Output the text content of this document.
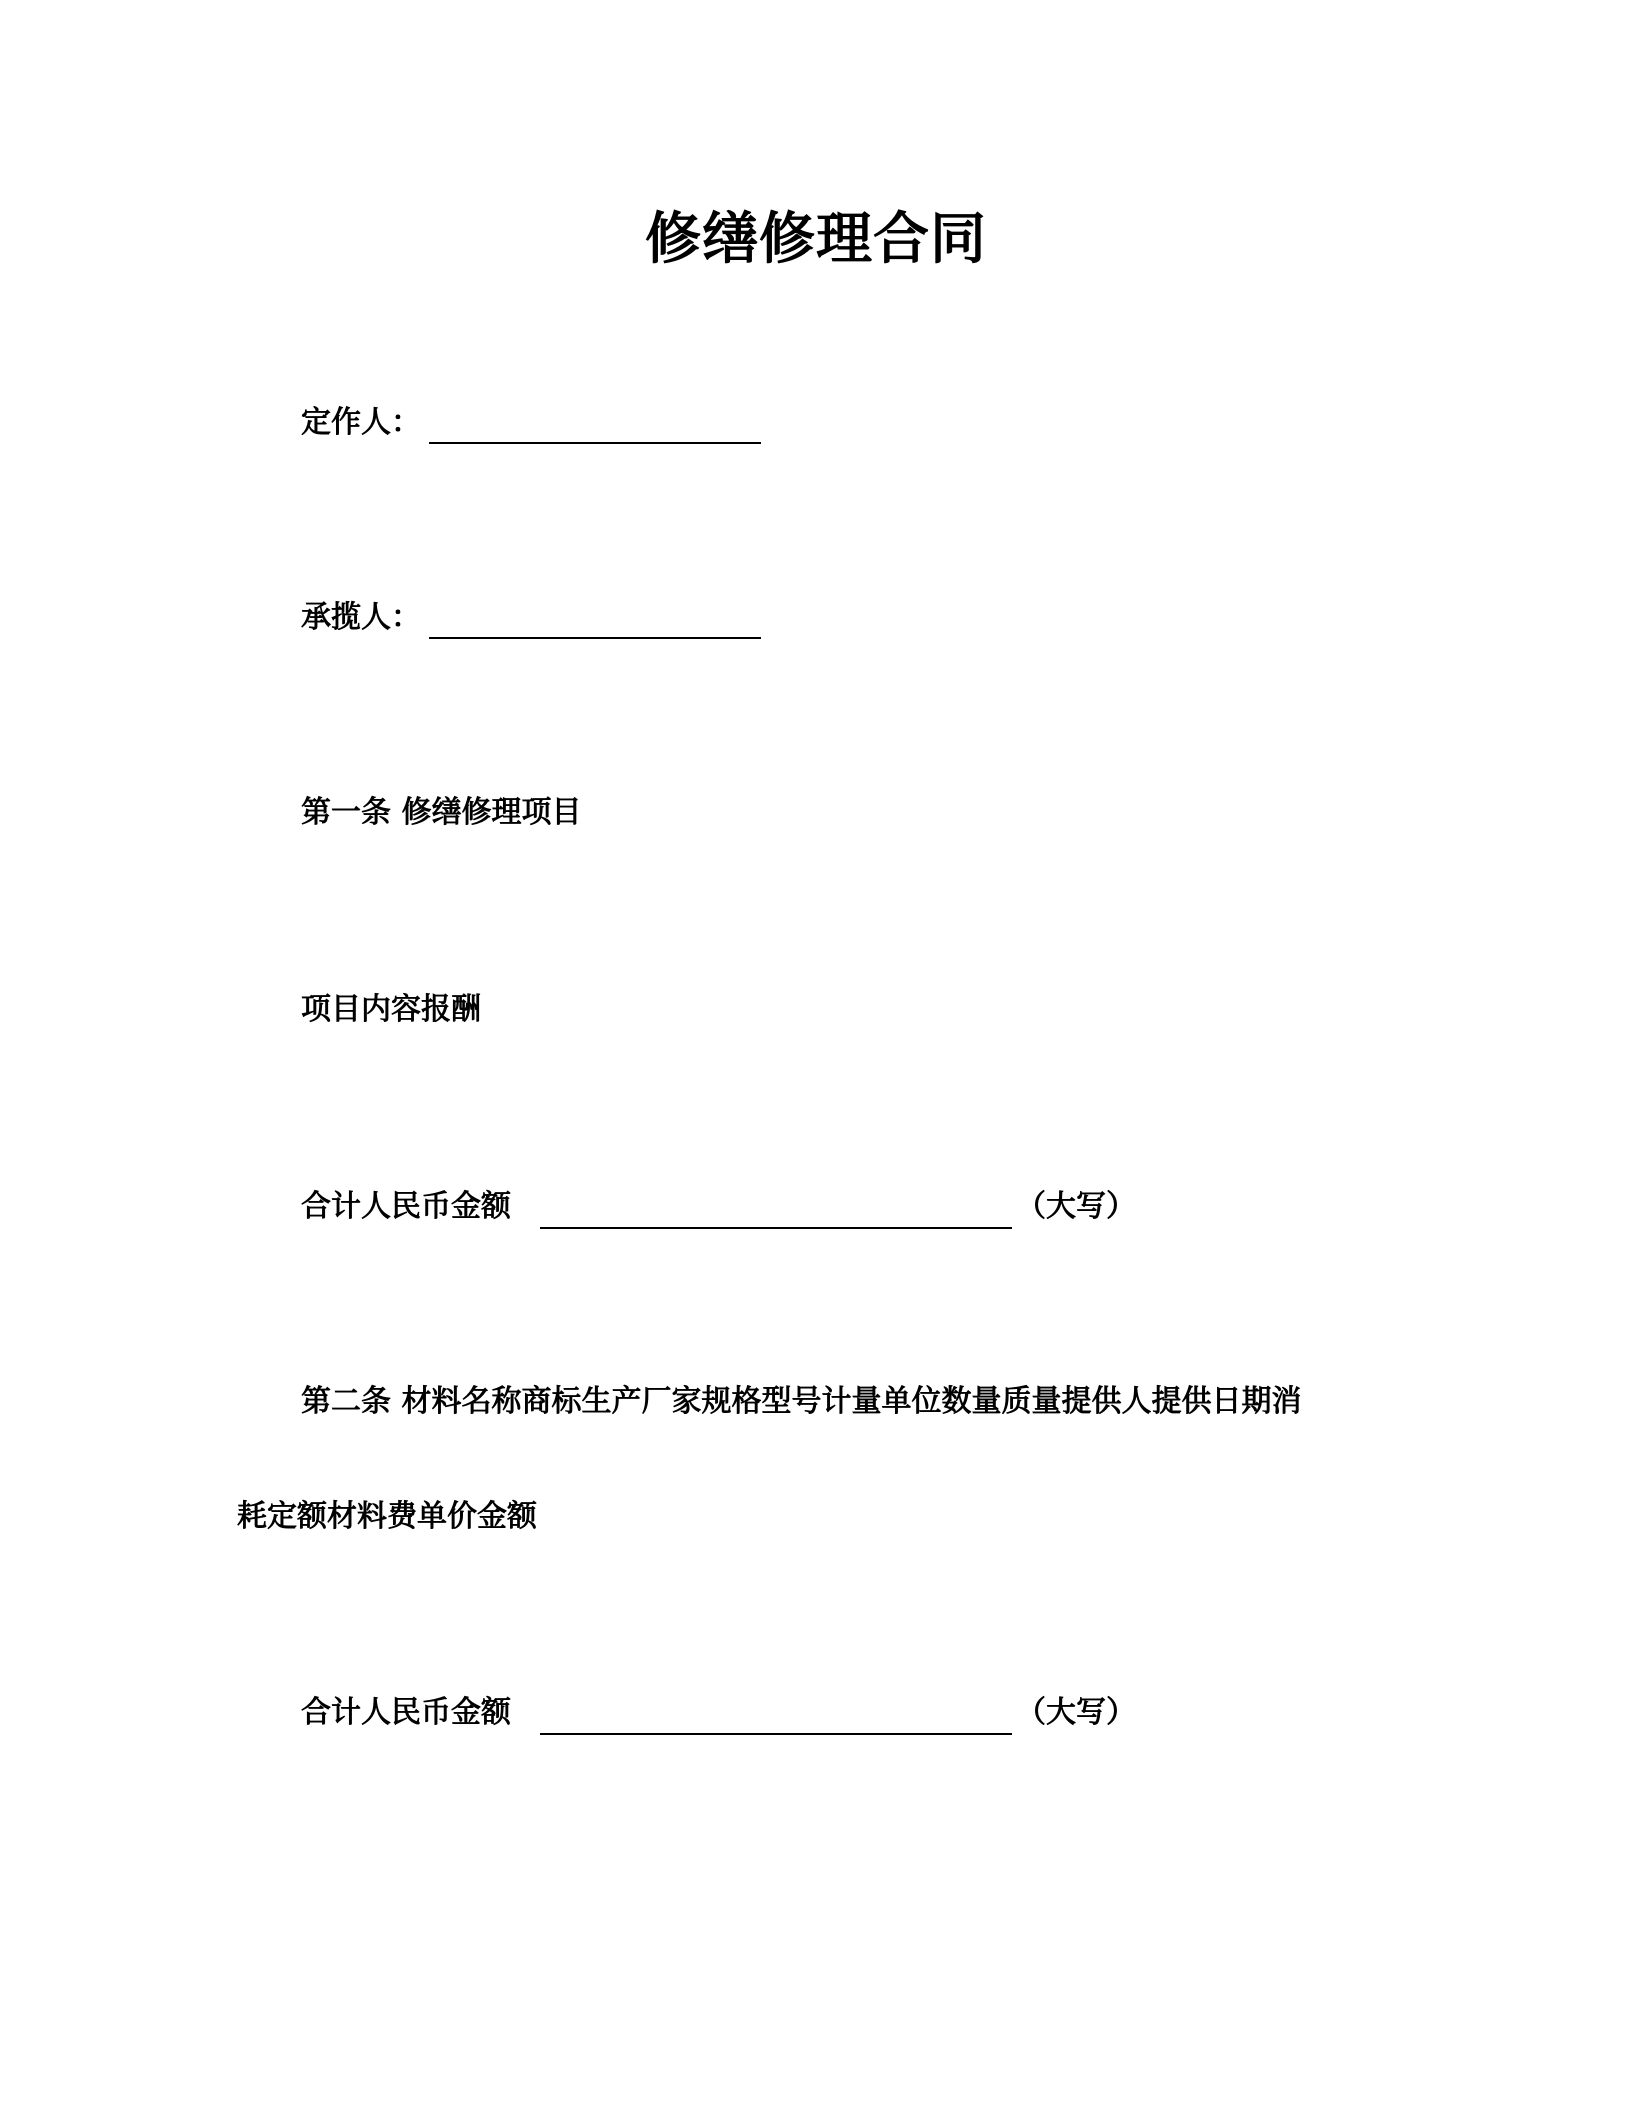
修缮修理合同
定作人：
承揽人：
第一条 修缮修理项目
项目内容报酬
合计人民币金额	（大写）
第二条 材料名称商标生产厂家规格型号计量单位数量质量提供人提供日期消
耗定额材料费单价金额
合计人民币金额	（大写）
